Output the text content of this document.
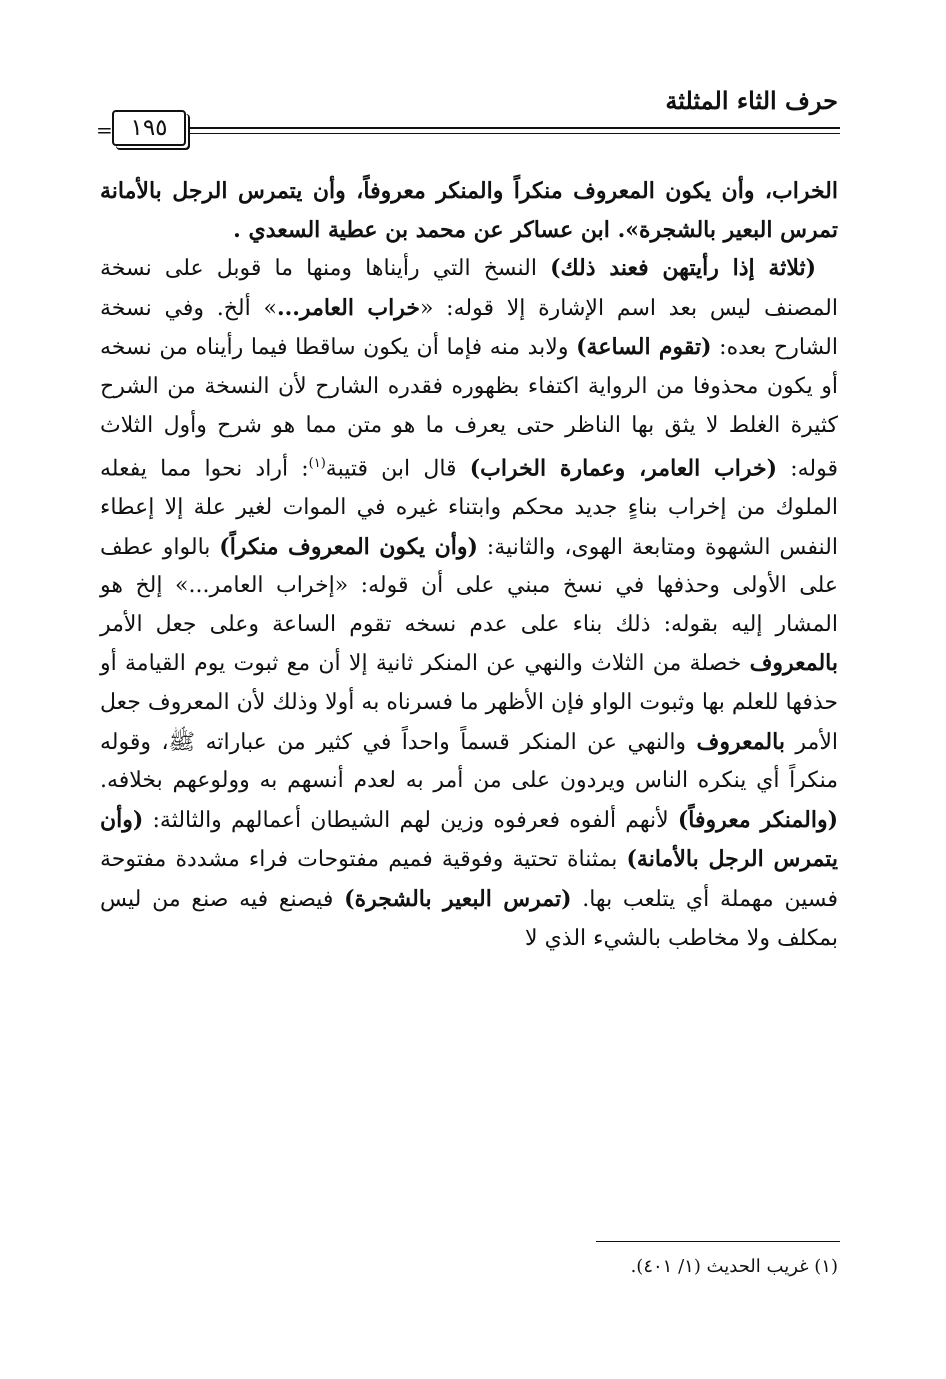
حرف الثاء المثلثة
= ١٩٥

الخراب، وأن يكون المعروف منكراً والمنكر معروفاً، وأن يتمرس الرجل بالأمانة تمرس البعير بالشجرة». ابن عساكر عن محمد بن عطية السعدي .

 (ثلاثة إذا رأيتهن فعند ذلك) النسخ التي رأيناها ومنها ما قوبل على نسخة المصنف ليس بعد اسم الإشارة إلا قوله: «خراب العامر...» ألخ. وفي نسخة الشارح بعده: (تقوم الساعة) ولابد منه فإما أن يكون ساقطا فيما رأيناه من نسخه أو يكون محذوفا من الرواية اكتفاء بظهوره فقدره الشارح لأن النسخة من الشرح كثيرة الغلط لا يثق بها الناظر حتى يعرف ما هو متن مما هو شرح وأول الثلاث قوله: (خراب العامر، وعمارة الخراب) قال ابن قتيبة$^{(١)}$: أراد نحوا مما يفعله الملوك من إخراب بناءٍ جديد محكم وابتناء غيره في الموات لغير علة إلا إعطاء النفس الشهوة ومتابعة الهوى، والثانية: (وأن يكون المعروف منكراً) بالواو عطف على الأولى وحذفها في نسخ مبني على أن قوله: «إخراب العامر...» إلخ هو المشار إليه بقوله: ذلك بناء على عدم نسخه تقوم الساعة وعلى جعل الأمر بالمعروف خصلة من الثلاث والنهي عن المنكر ثانية إلا أن مع ثبوت يوم القيامة أو حذفها للعلم بها وثبوت الواو فإن الأظهر ما فسرناه به أولا وذلك لأن المعروف جعل الأمر بالمعروف والنهي عن المنكر قسماً واحداً في كثير من عباراته ﷺ، وقوله منكراً أي ينكره الناس ويردون على من أمر به لعدم أنسهم به وولوعهم بخلافه. (والمنكر معروفاً) لأنهم ألفوه فعرفوه وزين لهم الشيطان أعمالهم والثالثة: (وأن يتمرس الرجل بالأمانة) بمثناة تحتية وفوقية فميم مفتوحات فراء مشددة مفتوحة فسين مهملة أي يتلعب بها. (تمرس البعير بالشجرة) فيصنع فيه صنع من ليس بمكلف ولا مخاطب بالشيء الذي لا

(١) غريب الحديث (١/ ٤٠١).
